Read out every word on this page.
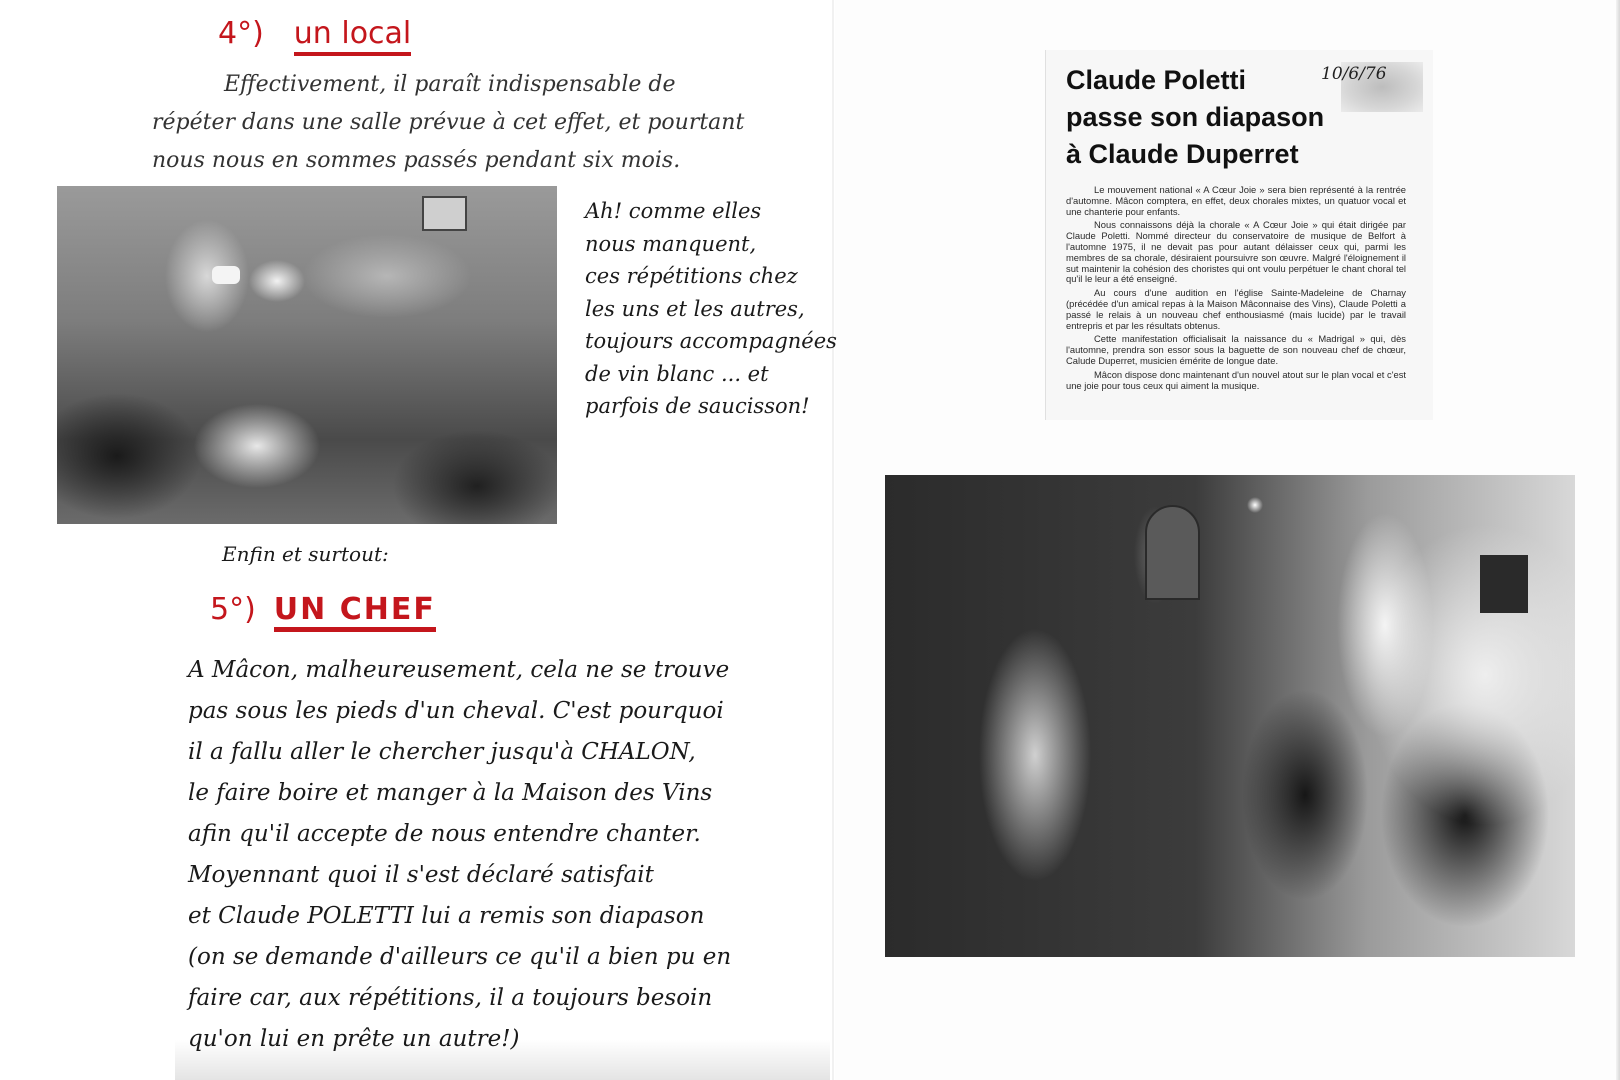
4°) un local
Effectivement, il paraît indispensable de
répéter dans une salle prévue à cet effet, et pourtant
nous nous en sommes passés pendant six mois.
Ah! comme elles
nous manquent,
ces répétitions chez
les uns et les autres,
toujours accompagnées
de vin blanc ... et
parfois de saucisson!
Enfin et surtout:
5°) UN CHEF
A Mâcon, malheureusement, cela ne se trouve
pas sous les pieds d'un cheval. C'est pourquoi
il a fallu aller le chercher jusqu'à CHALON,
le faire boire et manger à la Maison des Vins
afin qu'il accepte de nous entendre chanter.
Moyennant quoi il s'est déclaré satisfait
et Claude POLETTI lui a remis son diapason
(on se demande d'ailleurs ce qu'il a bien pu en
faire car, aux répétitions, il a toujours besoin
qu'on lui en prête un autre!)
10/6/76
Claude Poletti
passe son diapason
à Claude Duperret

Le mouvement national « A Cœur Joie » sera bien représenté à la rentrée d'automne. Mâcon comptera, en effet, deux chorales mixtes, un quatuor vocal et une chanterie pour enfants.

Nous connaissons déjà la chorale « A Cœur Joie » qui était dirigée par Claude Poletti. Nommé directeur du conservatoire de musique de Belfort à l'automne 1975, il ne devait pas pour autant délaisser ceux qui, parmi les membres de sa chorale, désiraient poursuivre son œuvre. Malgré l'éloignement il sut maintenir la cohésion des choristes qui ont voulu perpétuer le chant choral tel qu'il le leur a été enseigné.

Au cours d'une audition en l'église Sainte-Madeleine de Charnay (précédée d'un amical repas à la Maison Mâconnaise des Vins), Claude Poletti a passé le relais à un nouveau chef enthousiasmé (mais lucide) par le travail entrepris et par les résultats obtenus.

Cette manifestation officialisait la naissance du « Madrigal » qui, dès l'automne, prendra son essor sous la baguette de son nouveau chef de chœur, Calude Duperret, musicien émérite de longue date.

Mâcon dispose donc maintenant d'un nouvel atout sur le plan vocal et c'est une joie pour tous ceux qui aiment la musique.
